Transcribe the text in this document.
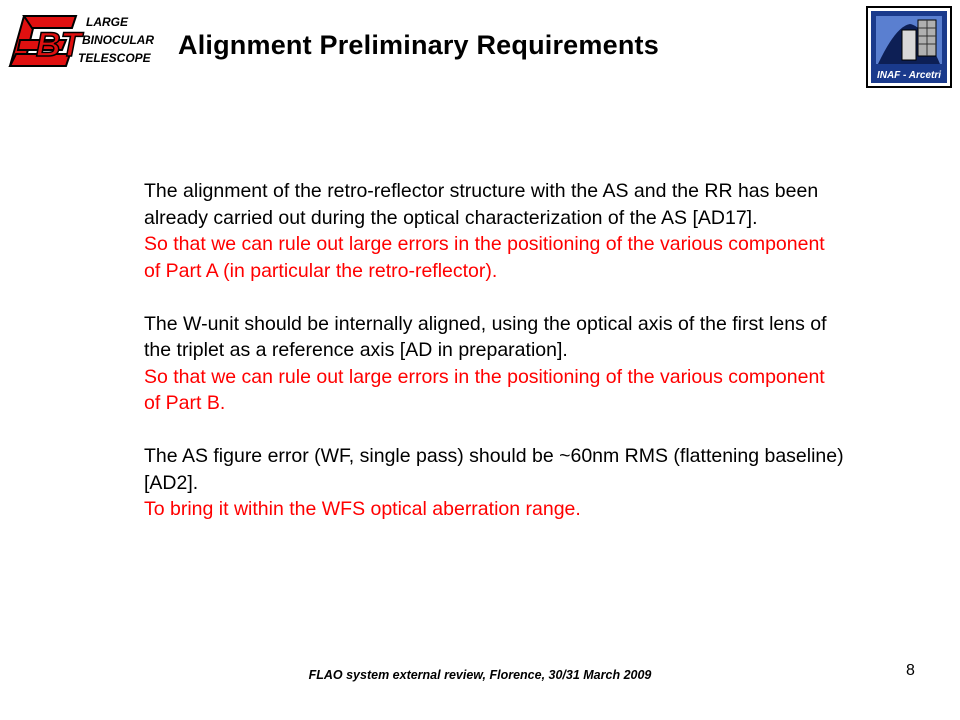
BT
LARGE
BINOCULAR
TELESCOPE Alignment Preliminary Requirements
INAF - Arcetri

The alignment of the retro-reflector structure with the AS and the RR has been already carried out during the optical characterization of the AS [AD17].

So that we can rule out large errors in the positioning of the various component of Part A (in particular the retro-reflector).

The W-unit should be internally aligned, using the optical axis of the first lens of the triplet as a reference axis [AD in preparation].

So that we can rule out large errors in the positioning of the various component of Part B.

The AS figure error (WF, single pass) should be ~60nm RMS (flattening baseline) [AD2].

To bring it within the WFS optical aberration range.

FLAO system external review, Florence, 30/31 March 2009	8
